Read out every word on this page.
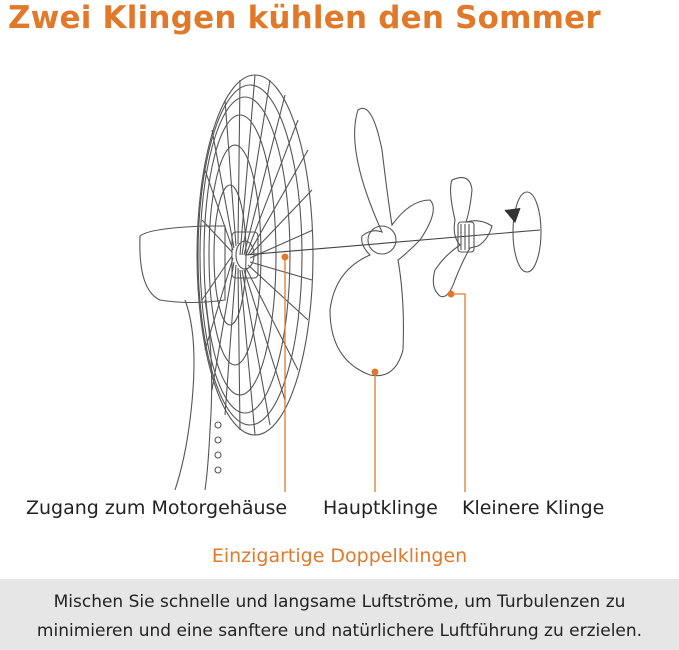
Zwei Klingen kühlen den Sommer
Zugang zum Motorgehäuse Hauptklinge Kleinere Klinge
Einzigartige Doppelklingen
Mischen Sie schnelle und langsame Luftströme, um Turbulenzen zu
minimieren und eine sanftere und natürlichere Luftführung zu erzielen.
